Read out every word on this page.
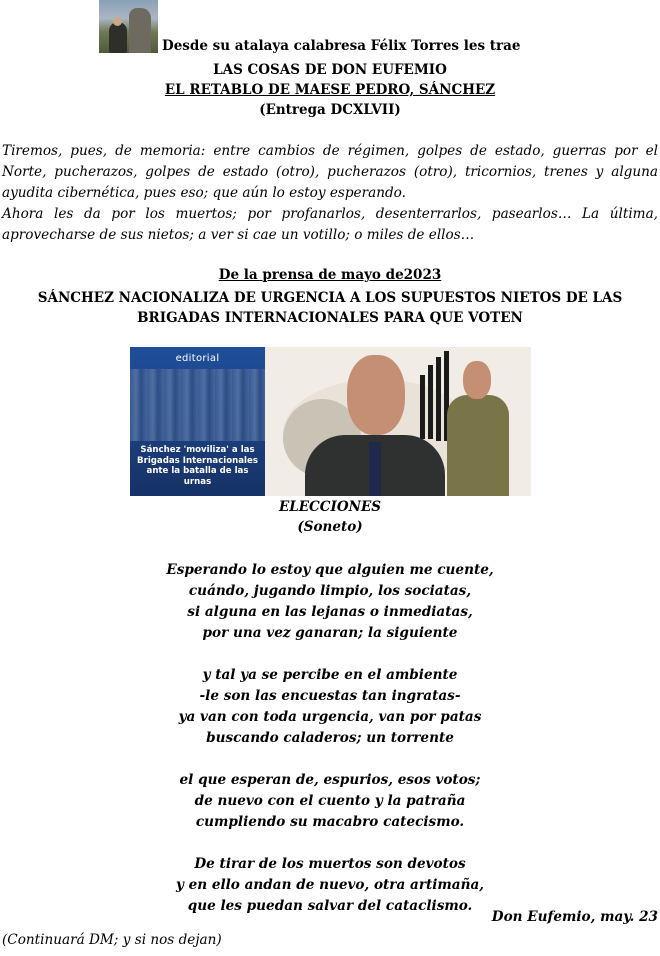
Desde su atalaya calabresa Félix Torres les trae
LAS COSAS DE DON EUFEMIO
EL RETABLO DE MAESE PEDRO, SÁNCHEZ
(Entrega DCXLVII)

Tiremos, pues, de memoria: entre cambios de régimen, golpes de estado, guerras por el Norte, pucherazos, golpes de estado (otro), pucherazos (otro), tricornios, trenes y alguna ayudita cibernética, pues eso; que aún lo estoy esperando.

Ahora les da por los muertos; por profanarlos, desenterrarlos, pasearlos… La última, aprovecharse de sus nietos; a ver si cae un votillo; o miles de ellos…

De la prensa de mayo de2023
SÁNCHEZ NACIONALIZA DE URGENCIA A LOS SUPUESTOS NIETOS DE LAS
BRIGADAS INTERNACIONALES PARA QUE VOTEN
editorial
Sánchez 'moviliza' a las Brigadas Internacionales ante la batalla de las urnas
ELECCIONES
(Soneto)
Esperando lo estoy que alguien me cuente,
cuándo, jugando limpio, los sociatas,
si alguna en las lejanas o inmediatas,
por una vez ganaran; la siguiente
y tal ya se percibe en el ambiente
-le son las encuestas tan ingratas-
ya van con toda urgencia, van por patas
buscando caladeros; un torrente
el que esperan de, espurios, esos votos;
de nuevo con el cuento y la patraña
cumpliendo su macabro catecismo.
De tirar de los muertos son devotos
y en ello andan de nuevo, otra artimaña,
que les puedan salvar del cataclismo.
Don Eufemio, may. 23
(Continuará DM; y si nos dejan)
